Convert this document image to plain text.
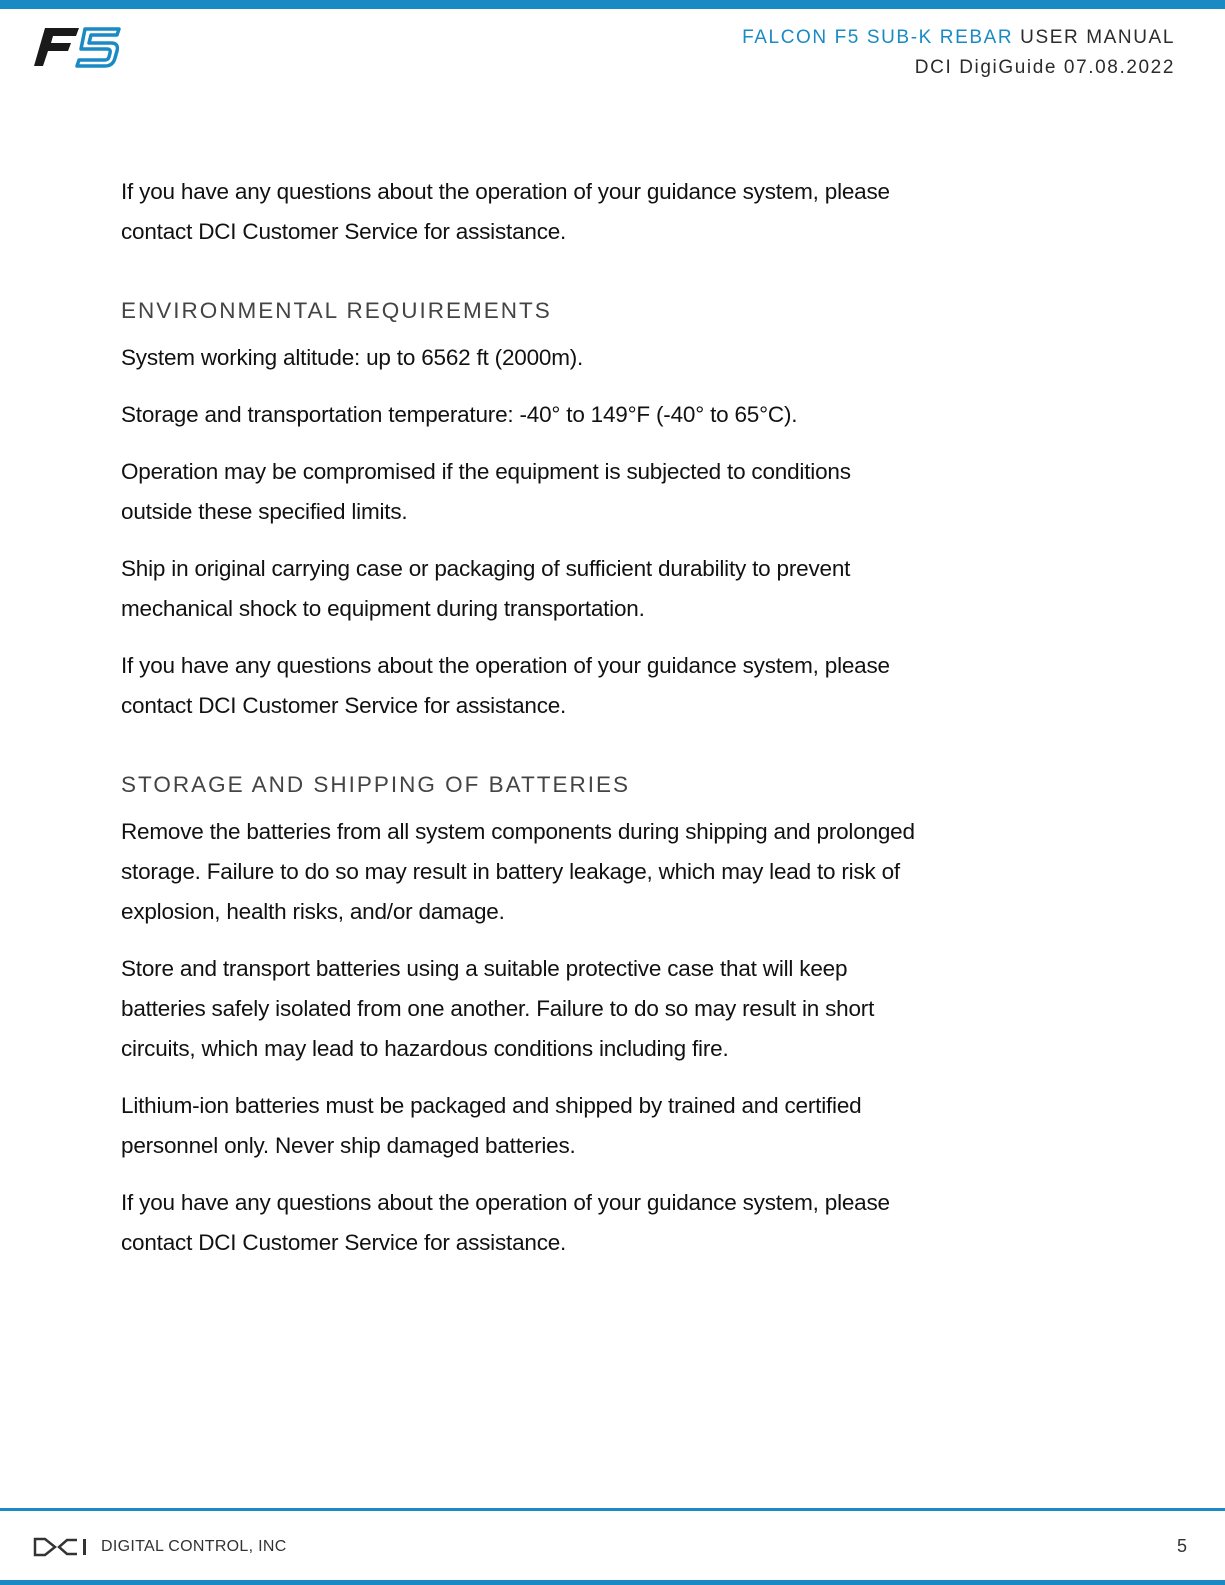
FALCON F5 SUB-K REBAR USER MANUAL
DCI DigiGuide 07.08.2022

If you have any questions about the operation of your guidance system, please contact DCI Customer Service for assistance.

ENVIRONMENTAL REQUIREMENTS

System working altitude: up to 6562 ft (2000m).

Storage and transportation temperature: -40° to 149°F (-40° to 65°C).

Operation may be compromised if the equipment is subjected to conditions outside these specified limits.

Ship in original carrying case or packaging of sufficient durability to prevent mechanical shock to equipment during transportation.

If you have any questions about the operation of your guidance system, please contact DCI Customer Service for assistance.

STORAGE AND SHIPPING OF BATTERIES

Remove the batteries from all system components during shipping and prolonged storage. Failure to do so may result in battery leakage, which may lead to risk of explosion, health risks, and/or damage.

Store and transport batteries using a suitable protective case that will keep batteries safely isolated from one another. Failure to do so may result in short circuits, which may lead to hazardous conditions including fire.

Lithium-ion batteries must be packaged and shipped by trained and certified personnel only. Never ship damaged batteries.

If you have any questions about the operation of your guidance system, please contact DCI Customer Service for assistance.

DIGITAL CONTROL, INC	5
